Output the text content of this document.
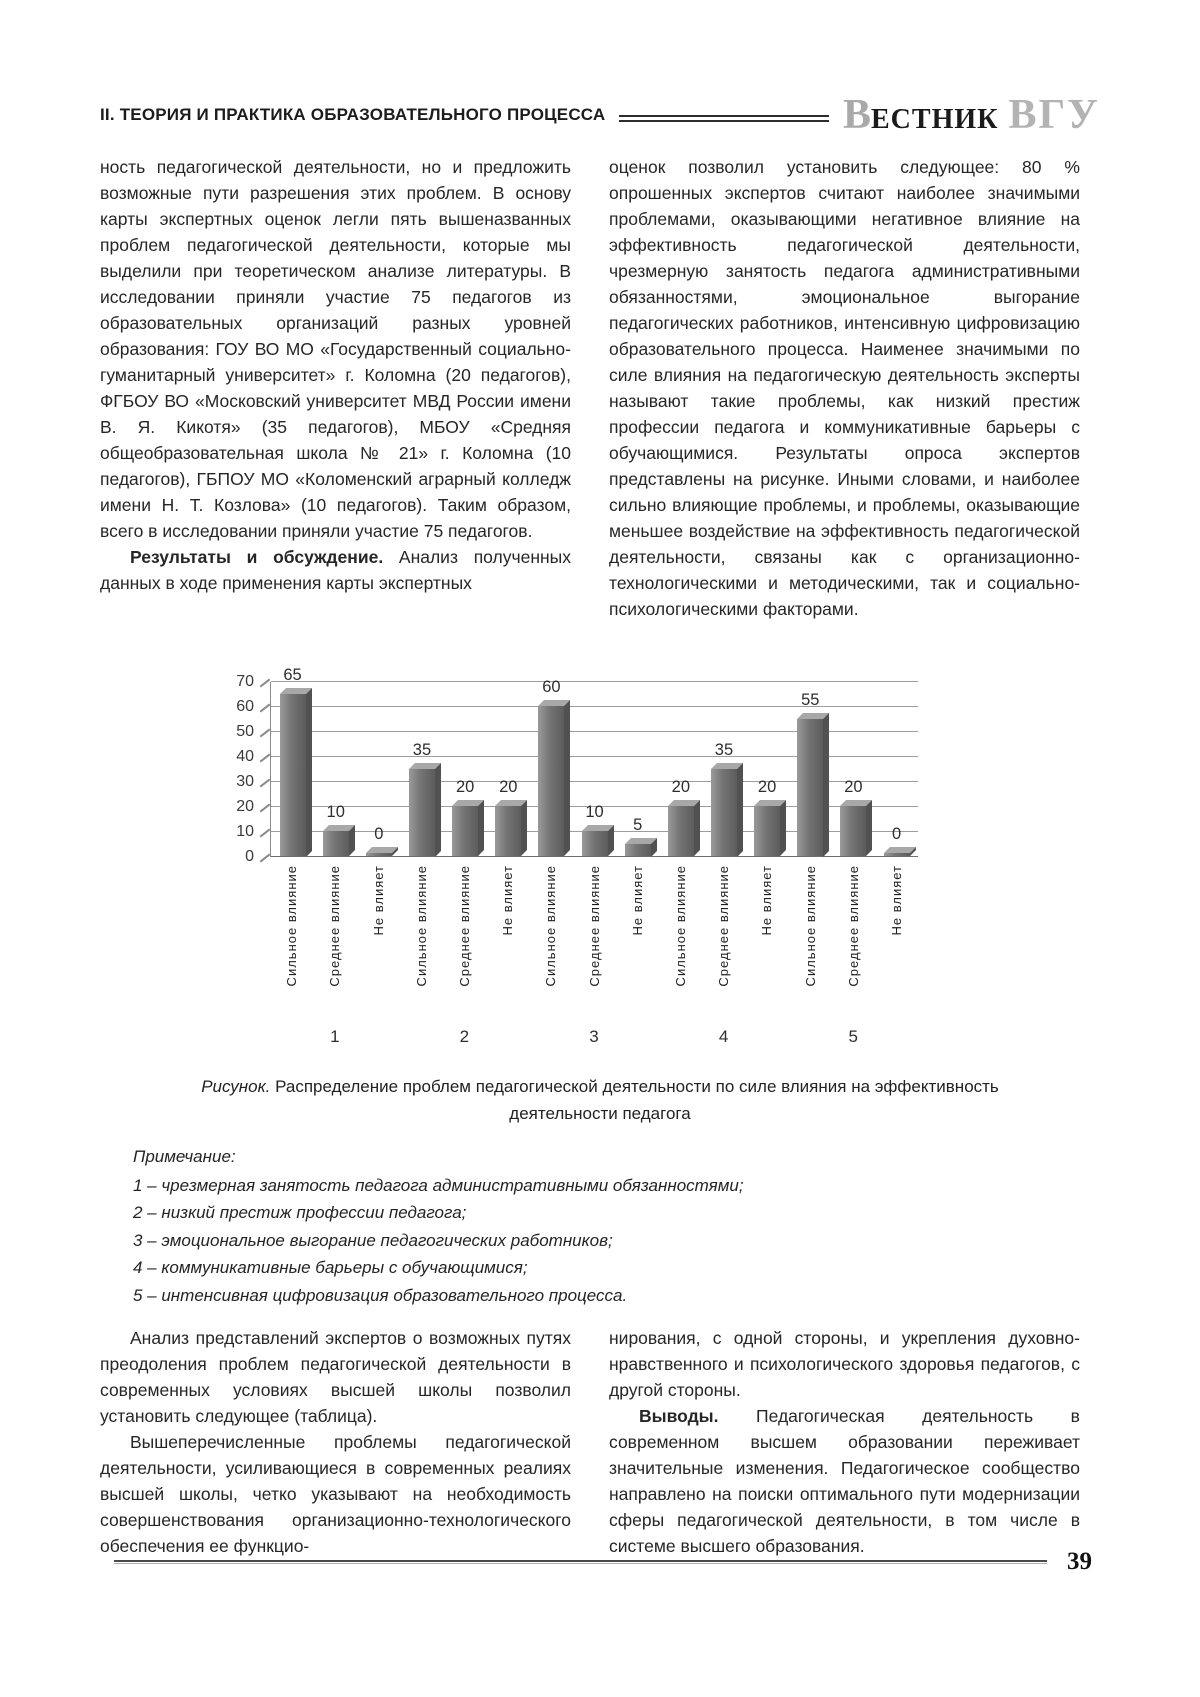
II. ТЕОРИЯ И ПРАКТИКА ОБРАЗОВАТЕЛЬНОГО ПРОЦЕССА	ВЕСТНИК ВГУ

ность педагогической деятельности, но и предложить возможные пути разрешения этих проблем. В основу карты экспертных оценок легли пять вышеназванных проблем педагогической деятельности, которые мы выделили при теоретическом анализе литературы. В исследовании приняли участие 75 педагогов из образовательных организаций разных уровней образования: ГОУ ВО МО «Государственный социально-гуманитарный университет» г. Коломна (20 педагогов), ФГБОУ ВО «Московский университет МВД России имени В. Я. Кикотя» (35 педагогов), МБОУ «Средняя общеобразовательная школа № 21» г. Коломна (10 педагогов), ГБПОУ МО «Коломенский аграрный колледж имени Н. Т. Козлова» (10 педагогов). Таким образом, всего в исследовании приняли участие 75 педагогов.

Результаты и обсуждение. Анализ полученных данных в ходе применения карты экспертных

оценок позволил установить следующее: 80 % опрошенных экспертов считают наиболее значимыми проблемами, оказывающими негативное влияние на эффективность педагогической деятельности, чрезмерную занятость педагога административными обязанностями, эмоциональное выгорание педагогических работников, интенсивную цифровизацию образовательного процесса. Наименее значимыми по силе влияния на педагогическую деятельность эксперты называют такие проблемы, как низкий престиж профессии педагога и коммуникативные барьеры с обучающимися. Результаты опроса экспертов представлены на рисунке. Иными словами, и наиболее сильно влияющие проблемы, и проблемы, оказывающие меньшее воздействие на эффективность педагогической деятельности, связаны как с организационно-технологическими и методическими, так и социально-психологическими факторами.

0
10
20
30
40
50
60
70 65
10
0
35
20 20
60
10
5
20
35
20
55
20
0
Сильное влияние Среднее влияние Не влияет Сильное влияние Среднее влияние Не влияет Сильное влияние Среднее влияние Не влияет Сильное влияние Среднее влияние Не влияет Сильное влияние Среднее влияние Не влияет
1	2	3	4	5
Рисунок. Распределение проблем педагогической деятельности по силе влияния на эффективность деятельности педагога
Примечание:
1 – чрезмерная занятость педагога административными обязанностями;
2 – низкий престиж профессии педагога;
3 – эмоциональное выгорание педагогических работников;
4 – коммуникативные барьеры с обучающимися;
5 – интенсивная цифровизация образовательного процесса.

Анализ представлений экспертов о возможных путях преодоления проблем педагогической деятельности в современных условиях высшей школы позволил установить следующее (таблица).

Вышеперечисленные проблемы педагогической деятельности, усиливающиеся в современных реалиях высшей школы, четко указывают на необходимость совершенствования организационно-технологического обеспечения ее функцио-

нирования, с одной стороны, и укрепления духовно-нравственного и психологического здоровья педагогов, с другой стороны.

Выводы. Педагогическая деятельность в современном высшем образовании переживает значительные изменения. Педагогическое сообщество направлено на поиски оптимального пути модернизации сферы педагогической деятельности, в том числе в системе высшего образования.

39
